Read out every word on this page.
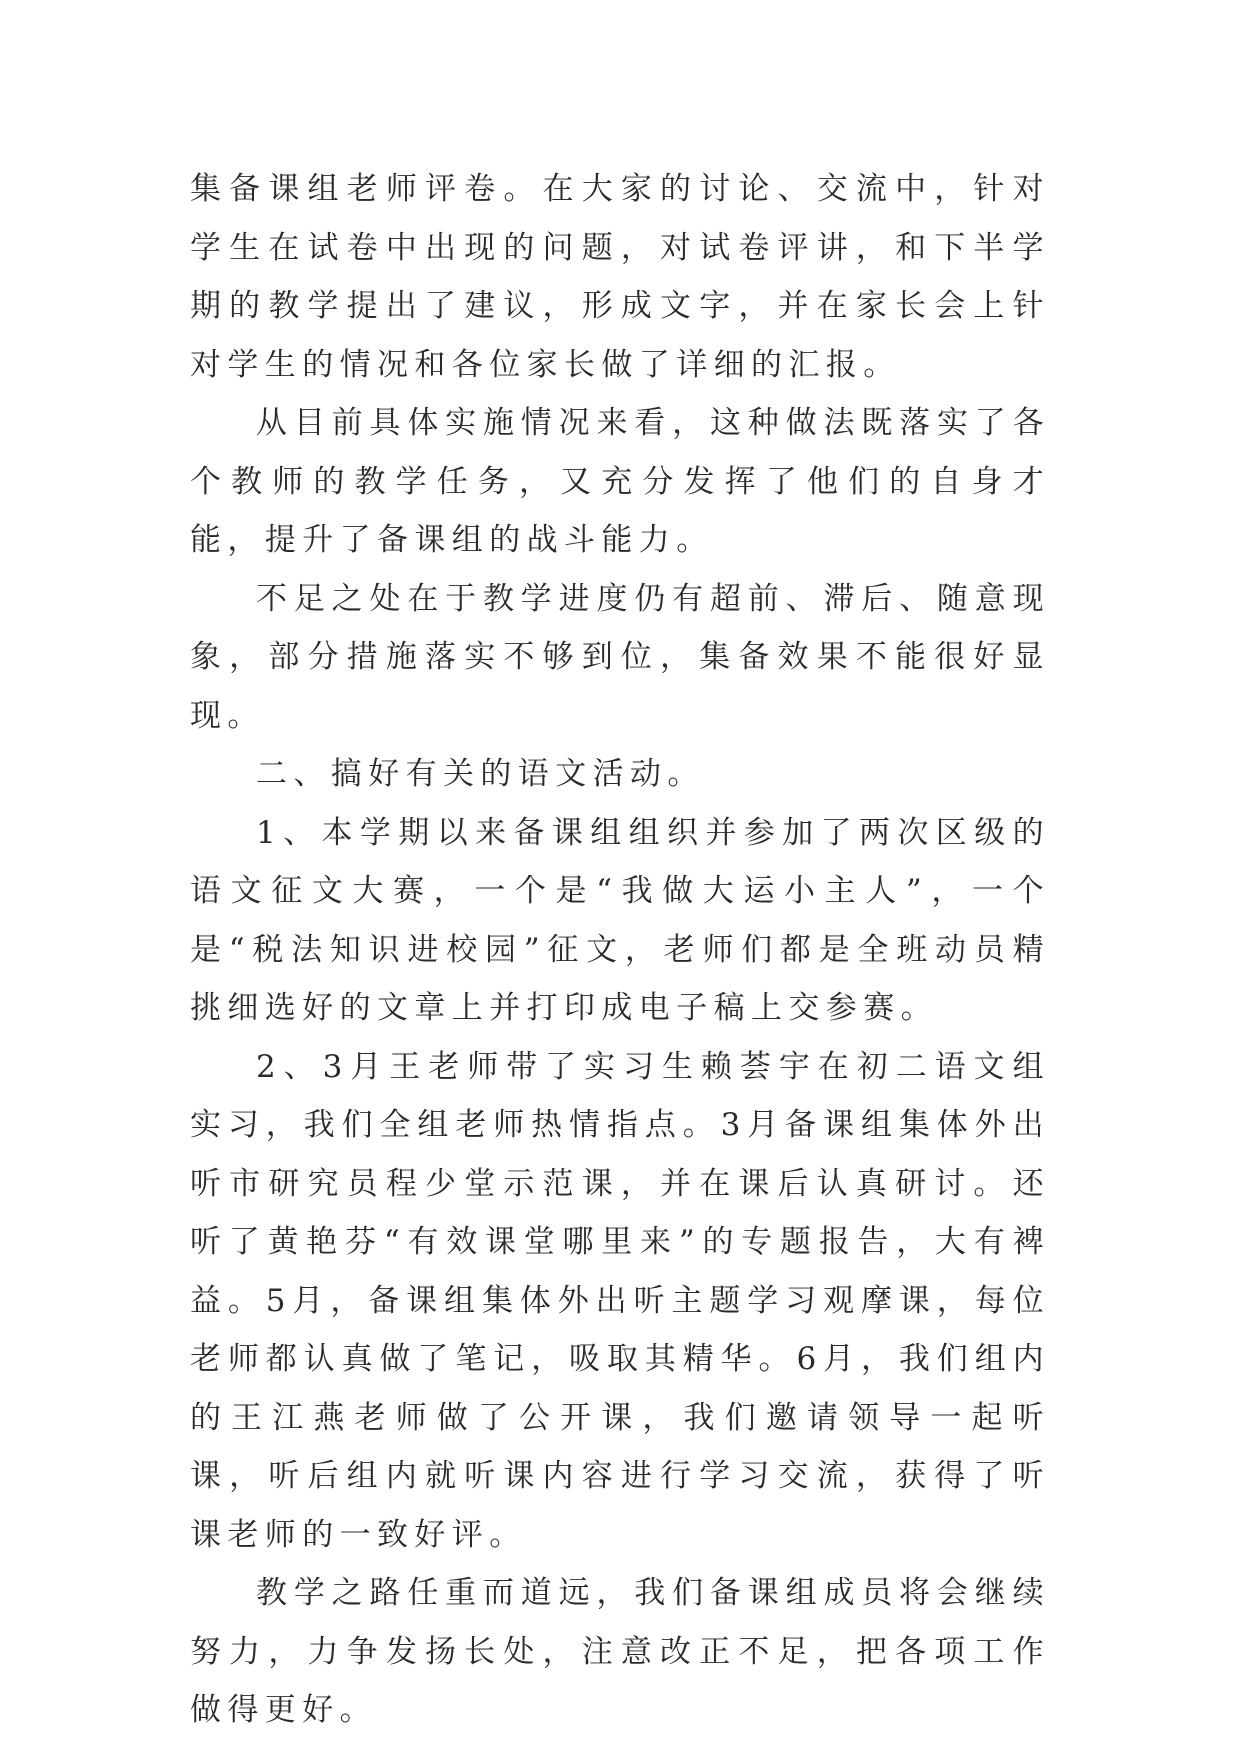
集备课组老师评卷。在大家的讨论、交流中，针对学生在试卷中出现的问题，对试卷评讲，和下半学期的教学提出了建议，形成文字，并在家长会上针对学生的情况和各位家长做了详细的汇报。

从目前具体实施情况来看，这种做法既落实了各个教师的教学任务，又充分发挥了他们的自身才能，提升了备课组的战斗能力。

不足之处在于教学进度仍有超前、滞后、随意现象，部分措施落实不够到位，集备效果不能很好显现。

二、搞好有关的语文活动。

1、本学期以来备课组组织并参加了两次区级的语文征文大赛，一个是“我做大运小主人”，一个是“税法知识进校园”征文，老师们都是全班动员精挑细选好的文章上并打印成电子稿上交参赛。

2、3月王老师带了实习生赖荟宇在初二语文组实习，我们全组老师热情指点。3月备课组集体外出听市研究员程少堂示范课，并在课后认真研讨。还听了黄艳芬“有效课堂哪里来”的专题报告，大有裨益。5月，备课组集体外出听主题学习观摩课，每位老师都认真做了笔记，吸取其精华。6月，我们组内的王江燕老师做了公开课，我们邀请领导一起听课，听后组内就听课内容进行学习交流，获得了听课老师的一致好评。

教学之路任重而道远，我们备课组成员将会继续努力，力争发扬长处，注意改正不足，把各项工作做得更好。
